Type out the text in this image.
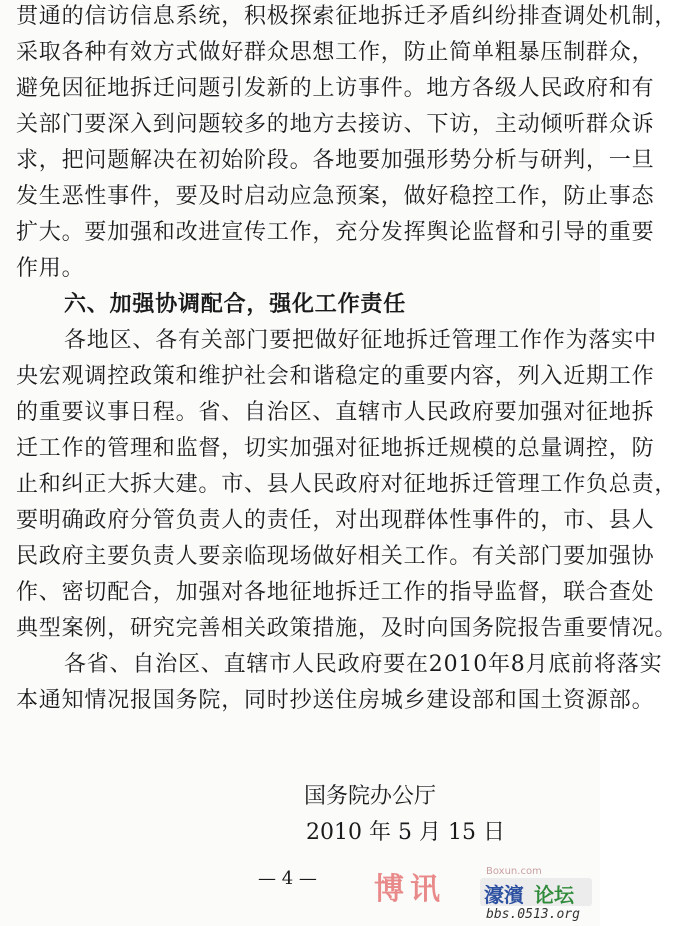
贯通的信访信息系统，积极探索征地拆迁矛盾纠纷排查调处机制，
采取各种有效方式做好群众思想工作，防止简单粗暴压制群众，
避免因征地拆迁问题引发新的上访事件。地方各级人民政府和有
关部门要深入到问题较多的地方去接访、下访，主动倾听群众诉
求，把问题解决在初始阶段。各地要加强形势分析与研判，一旦
发生恶性事件，要及时启动应急预案，做好稳控工作，防止事态
扩大。要加强和改进宣传工作，充分发挥舆论监督和引导的重要
作用。
六、加强协调配合，强化工作责任
各地区、各有关部门要把做好征地拆迁管理工作作为落实中
央宏观调控政策和维护社会和谐稳定的重要内容，列入近期工作
的重要议事日程。省、自治区、直辖市人民政府要加强对征地拆
迁工作的管理和监督，切实加强对征地拆迁规模的总量调控，防
止和纠正大拆大建。市、县人民政府对征地拆迁管理工作负总责，
要明确政府分管负责人的责任，对出现群体性事件的，市、县人
民政府主要负责人要亲临现场做好相关工作。有关部门要加强协
作、密切配合，加强对各地征地拆迁工作的指导监督，联合查处
典型案例，研究完善相关政策措施，及时向国务院报告重要情况。
各省、自治区、直辖市人民政府要在2010年8月底前将落实
本通知情况报国务院，同时抄送住房城乡建设部和国土资源部。
国务院办公厅
2010 年 5 月 15 日
— 4 — 博讯
Boxun.com
濠濱 论坛
bbs.0513.org
